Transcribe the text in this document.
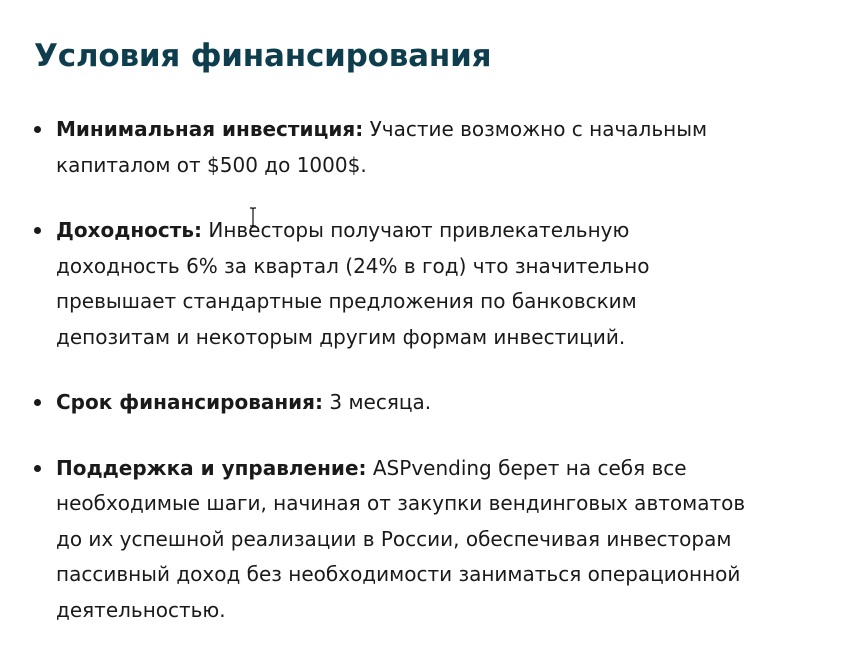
Условия финансирования
Минимальная инвестиция: Участие возможно с начальным капиталом от $500 до 1000$.
Доходность: Инвесторы получают привлекательную доходность 6% за квартал (24% в год) что значительно превышает стандартные предложения по банковским депозитам и некоторым другим формам инвестиций.
Срок финансирования: 3 месяца.
Поддержка и управление: ASPvending берет на себя все необходимые шаги, начиная от закупки вендинговых автоматов до их успешной реализации в России, обеспечивая инвесторам пассивный доход без необходимости заниматься операционной деятельностью.
